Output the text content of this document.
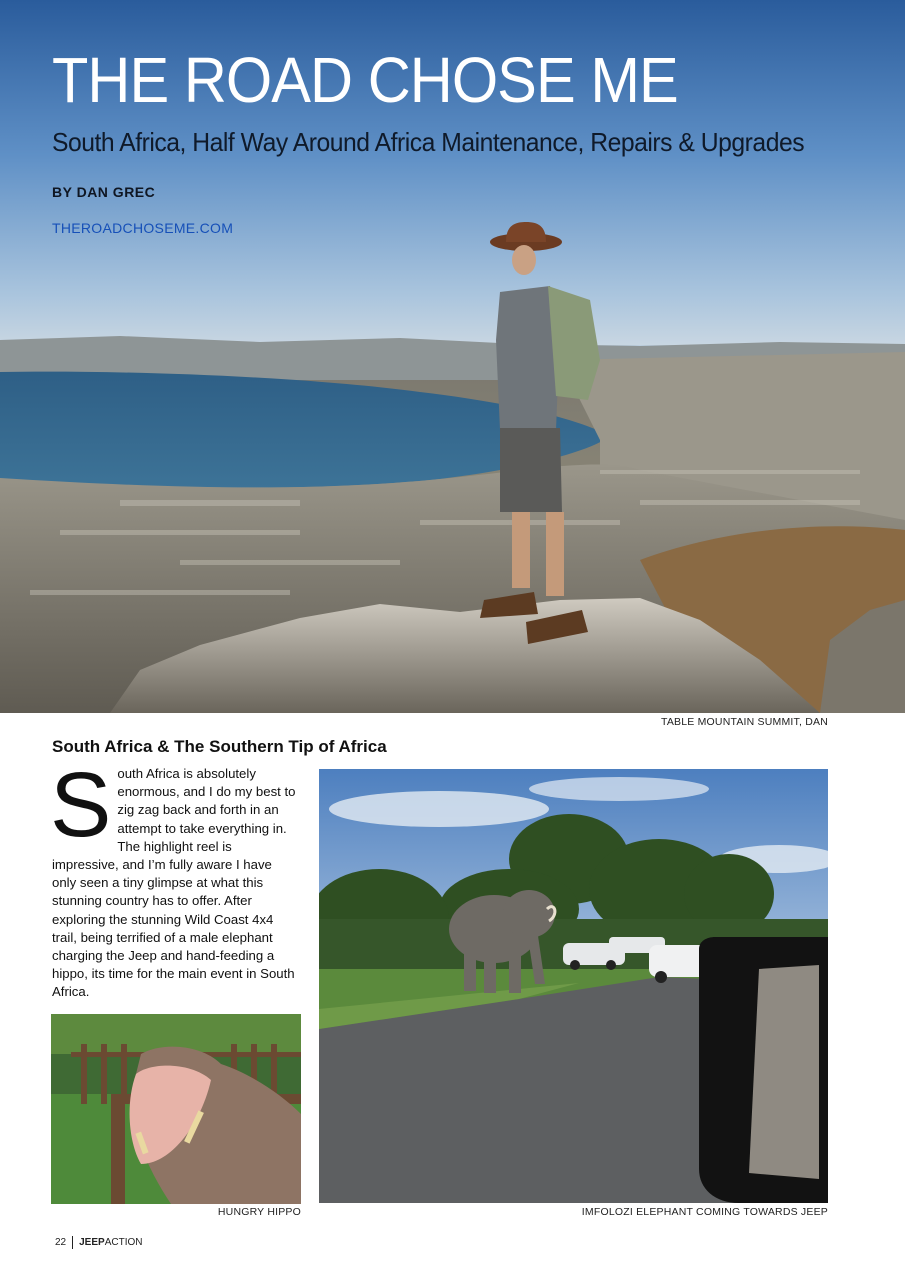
THE ROAD CHOSE ME
South Africa, Half Way Around Africa Maintenance, Repairs & Upgrades
BY DAN GREC
THEROADCHOSEME.COM
TABLE MOUNTAIN SUMMIT, DAN
South Africa & The Southern Tip of Africa

South Africa is absolutely enormous, and I do my best to zig zag back and forth in an attempt to take everything in. The highlight reel is impressive, and I’m fully aware I have only seen a tiny glimpse at what this stunning country has to offer. After exploring the stunning Wild Coast 4x4 trail, being terrified of a male elephant charging the Jeep and hand-feeding a hippo, its time for the main event in South Africa.

HUNGRY HIPPO	IMFOLOZI ELEPHANT COMING TOWARDS JEEP
22 JEEPACTION
